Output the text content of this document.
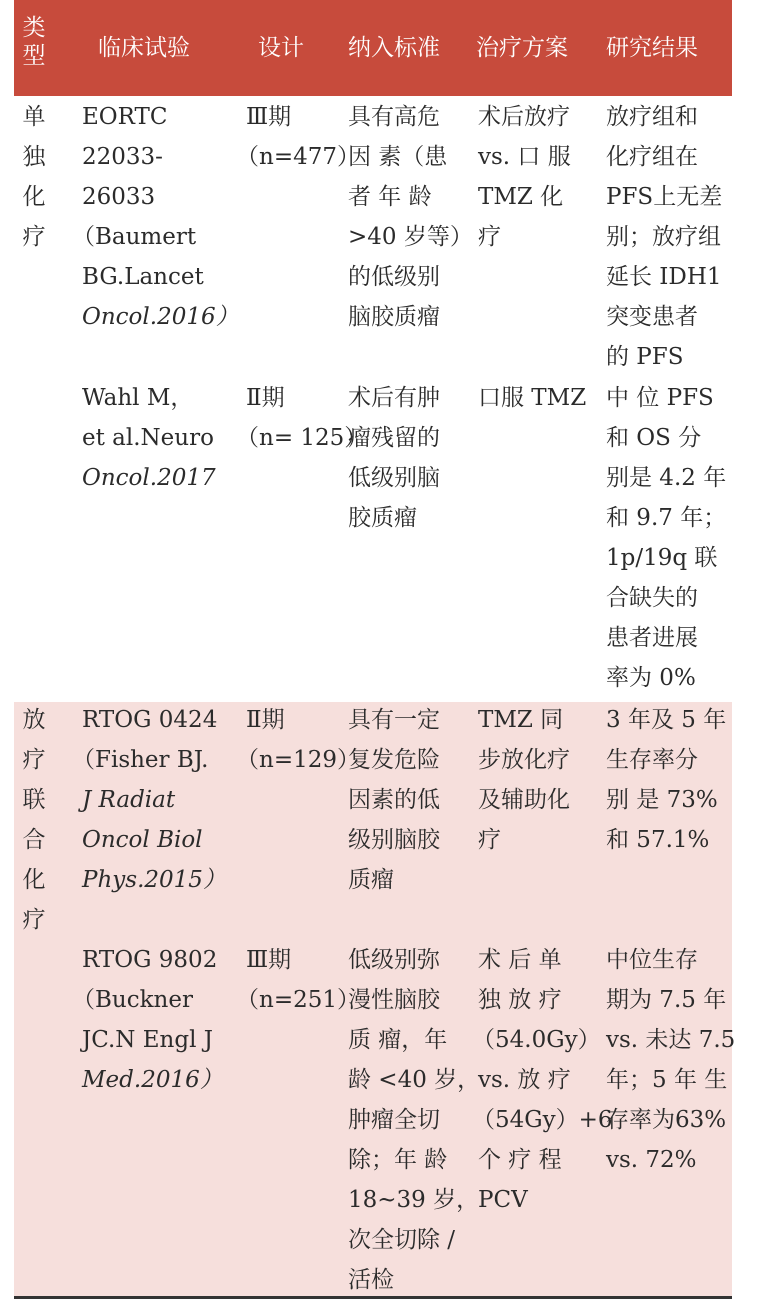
类
型	临床试验	设计 纳入标准 治疗方案 研究结果
单
独
化
疗
EORTC
22033-
26033
（Baumert
BG.Lancet
Oncol.2016）
Ⅲ期
（n=477）
具有高危
因 素（患
者 年 龄
>40 岁等）
的低级别
脑胶质瘤
术后放疗
vs. 口 服
TMZ 化
疗
放疗组和
化疗组在
PFS上无差
别；放疗组
延长 IDH1
突变患者
的 PFS
Wahl M，
et al.Neuro
Oncol.2017
Ⅱ期
（n= 125）
术后有肿
瘤残留的
低级别脑
胶质瘤
口服 TMZ 中 位 PFS
和 OS 分
别是 4.2 年
和 9.7 年；
1p/19q 联
合缺失的
患者进展
率为 0%
放
疗
联
合
化
疗
RTOG 0424
（Fisher BJ.
J Radiat
Oncol Biol
Phys.2015）
Ⅱ期
（n=129）
具有一定
复发危险
因素的低
级别脑胶
质瘤
TMZ 同
步放化疗
及辅助化
疗
3 年及 5 年
生存率分
别 是 73%
和 57.1%
RTOG 9802
（Buckner
JC.N Engl J
Med.2016）
Ⅲ期
（n=251）
低级别弥
漫性脑胶
质 瘤，年
龄 <40 岁，
肿瘤全切
除；年 龄
18~39 岁，
次全切除 /
活检
术 后 单
独 放 疗
（54.0Gy）
vs. 放 疗
（54Gy）+6
个 疗 程
PCV
中位生存
期为 7.5 年
vs. 未达 7.5
年；5 年 生
存率为63%
vs. 72%
